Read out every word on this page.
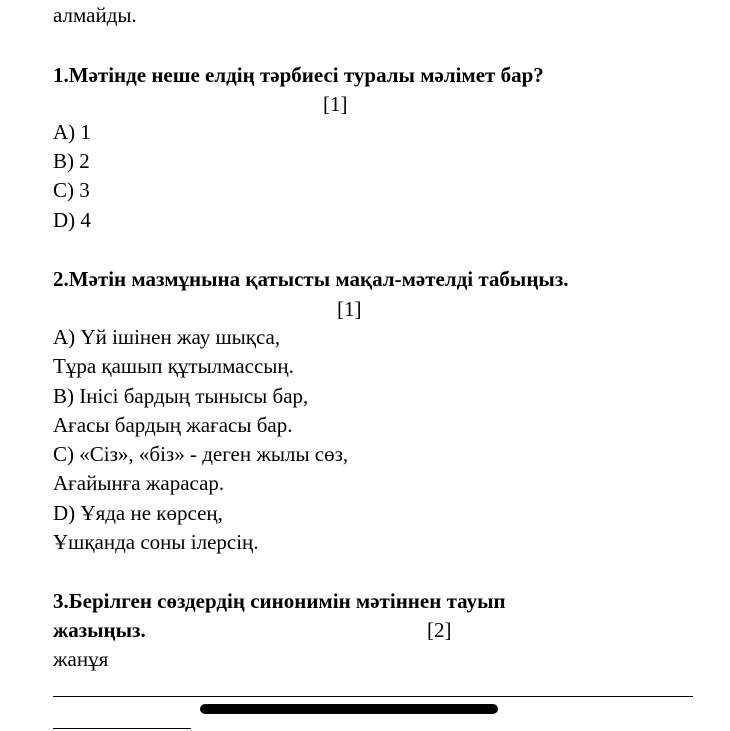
алмайды.
1.Мәтінде неше елдің тәрбиесі туралы мәлімет бар?
[1]
A) 1
B) 2
C) 3
D) 4
2.Мәтін мазмұнына қатысты мақал-мәтелді табыңыз.
[1]
A) Үй ішінен жау шықса,
Тұра қашып құтылмассың.
B) Інісі бардың тынысы бар,
Ағасы бардың жағасы бар.
C) «Сіз», «біз» - деген жылы сөз,
Ағайынға жарасар.
D) Ұяда не көрсең,
Ұшқанда соны ілерсің.
3.Берілген сөздердің синонимін мәтіннен тауып
жазыңыз.	[2]
жанұя
